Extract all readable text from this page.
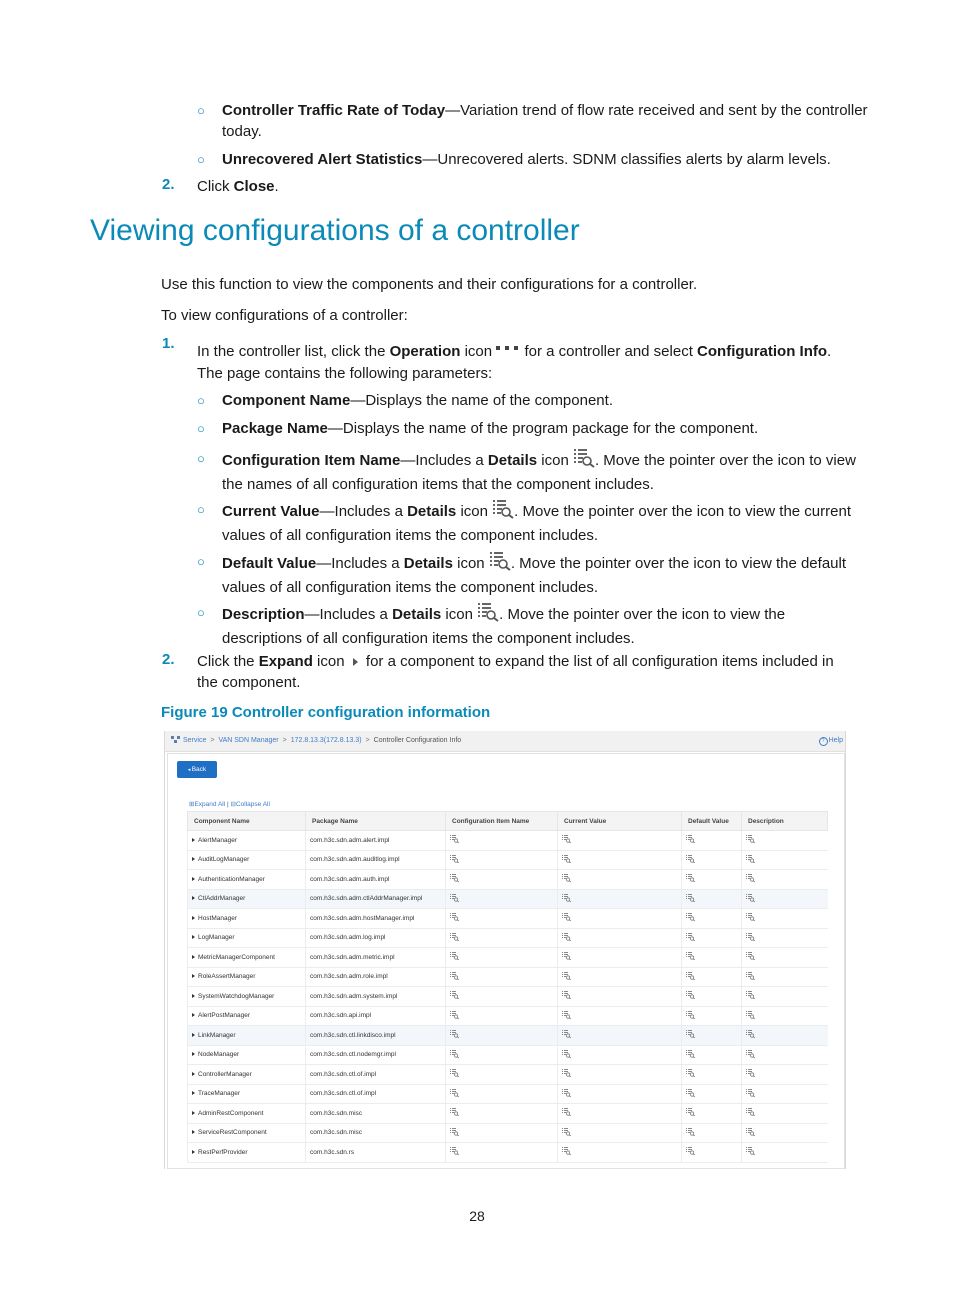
○ Controller Traffic Rate of Today—Variation trend of flow rate received and sent by the controller
today.
○ Unrecovered Alert Statistics—Unrecovered alerts. SDNM classifies alerts by alarm levels.
2. Click Close.
Viewing configurations of a controller
Use this function to view the components and their configurations for a controller.
To view configurations of a controller:
1. In the controller list, click the Operation icon  for a controller and select Configuration Info.
The page contains the following parameters:
○ Component Name—Displays the name of the component.
○ Package Name—Displays the name of the program package for the component.
○ Configuration Item Name—Includes a Details icon . Move the pointer over the icon to view
the names of all configuration items that the component includes.
○ Current Value—Includes a Details icon . Move the pointer over the icon to view the current
values of all configuration items the component includes.
○ Default Value—Includes a Details icon . Move the pointer over the icon to view the default
values of all configuration items the component includes.
○ Description—Includes a Details icon . Move the pointer over the icon to view the
descriptions of all configuration items the component includes.
2. Click the Expand icon  for a component to expand the list of all configuration items included in
the component.
Figure 19 Controller configuration information
Service > VAN SDN Manager > 172.8.13.3(172.8.13.3) > Controller Configuration Info	? Help
◂ Back
⊞Expand All | ⊟Collapse All
Component Name	Package Name	Configuration Item Name	Current Value	Default Value	Description
AlertManager	com.h3c.sdn.adm.alert.impl				
AuditLogManager	com.h3c.sdn.adm.auditlog.impl				
AuthenticationManager	com.h3c.sdn.adm.auth.impl				
CtlAddrManager	com.h3c.sdn.adm.ctlAddrManager.impl				
HostManager	com.h3c.sdn.adm.hostManager.impl				
LogManager	com.h3c.sdn.adm.log.impl				
MetricManagerComponent	com.h3c.sdn.adm.metric.impl				
RoleAssertManager	com.h3c.sdn.adm.role.impl				
SystemWatchdogManager	com.h3c.sdn.adm.system.impl				
AlertPostManager	com.h3c.sdn.api.impl				
LinkManager	com.h3c.sdn.ctl.linkdisco.impl				
NodeManager	com.h3c.sdn.ctl.nodemgr.impl				
ControllerManager	com.h3c.sdn.ctl.of.impl				
TraceManager	com.h3c.sdn.ctl.of.impl				
AdminRestComponent	com.h3c.sdn.misc				
ServiceRestComponent	com.h3c.sdn.misc				
RestPerfProvider	com.h3c.sdn.rs				
28
